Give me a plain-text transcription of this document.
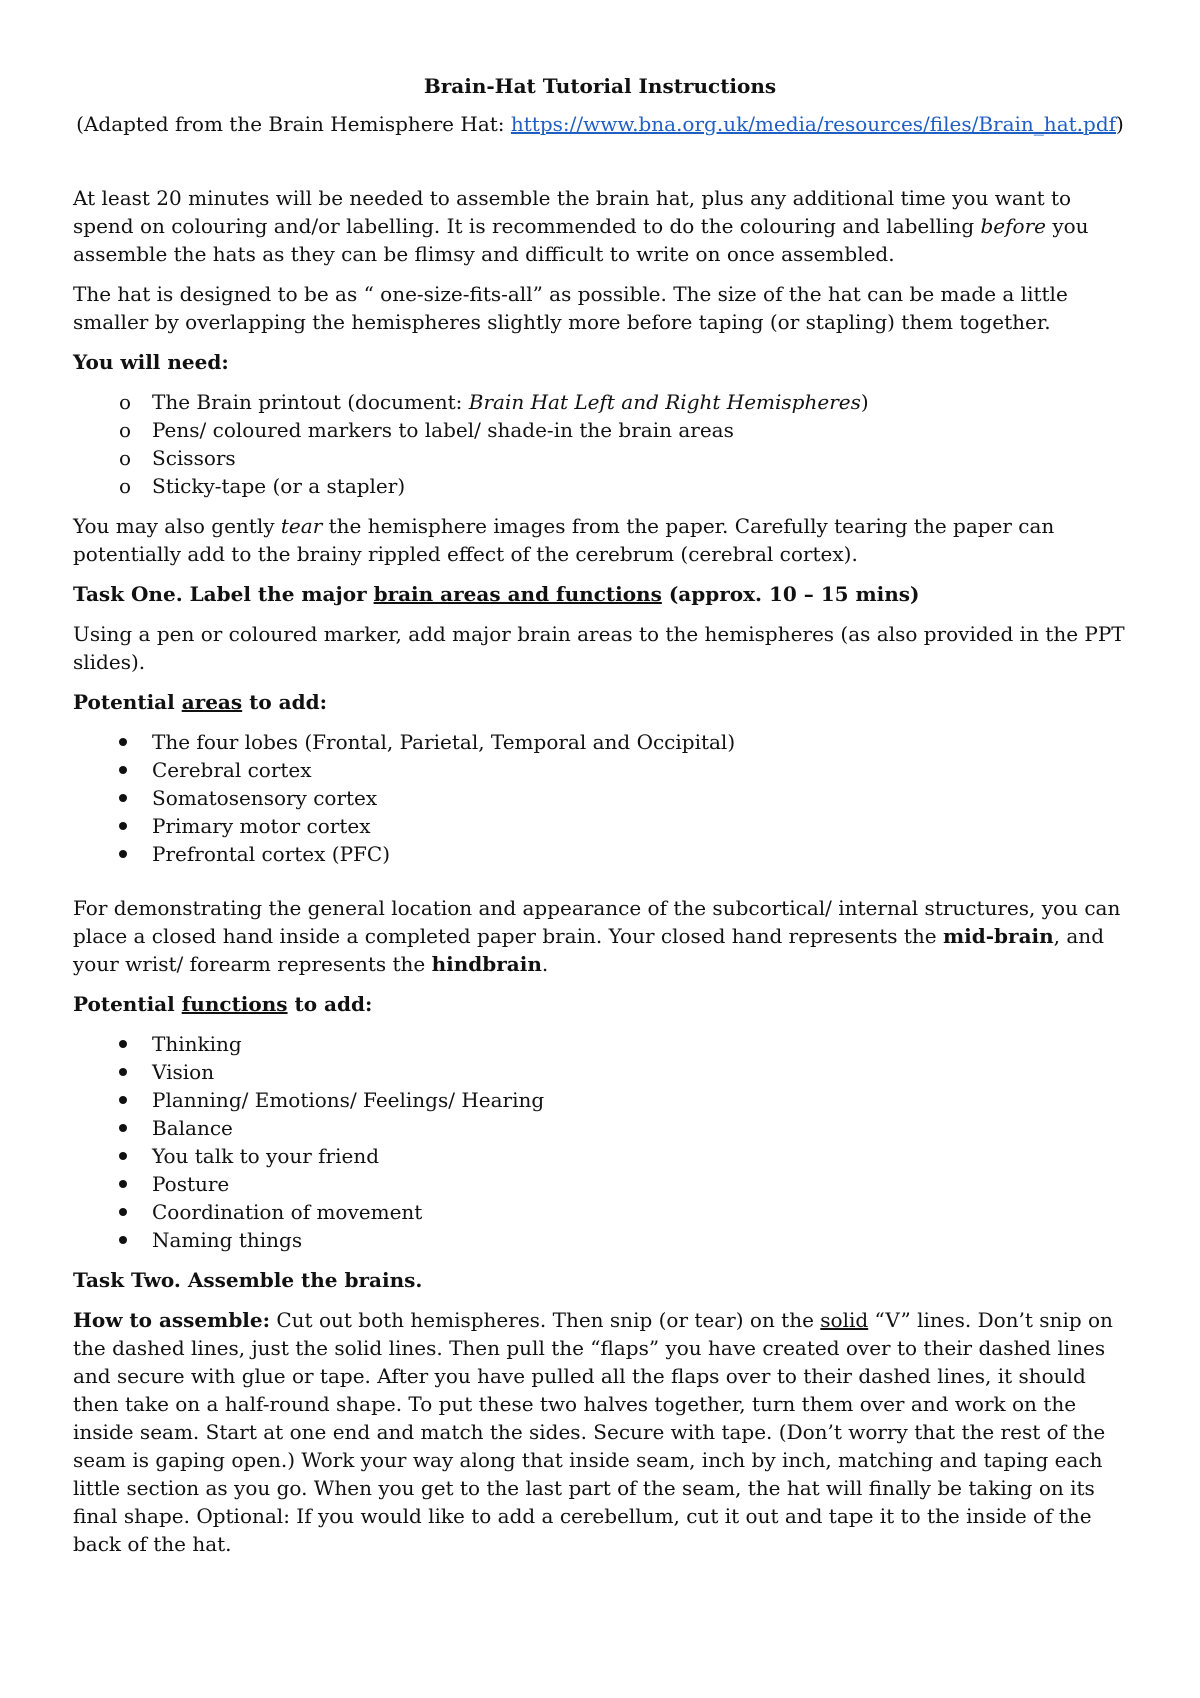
Brain-Hat Tutorial Instructions

(Adapted from the Brain Hemisphere Hat: https://www.bna.org.uk/media/resources/files/Brain_hat.pdf)

At least 20 minutes will be needed to assemble the brain hat, plus any additional time you want to spend on colouring and/or labelling. It is recommended to do the colouring and labelling before you assemble the hats as they can be flimsy and difficult to write on once assembled.

The hat is designed to be as “ one-size-fits-all” as possible. The size of the hat can be made a little smaller by overlapping the hemispheres slightly more before taping (or stapling) them together.

You will need:

o The Brain printout (document: Brain Hat Left and Right Hemispheres)
o Pens/ coloured markers to label/ shade-in the brain areas
o Scissors
o Sticky-tape (or a stapler)

You may also gently tear the hemisphere images from the paper. Carefully tearing the paper can potentially add to the brainy rippled effect of the cerebrum (cerebral cortex).

Task One. Label the major brain areas and functions (approx. 10 – 15 mins)

Using a pen or coloured marker, add major brain areas to the hemispheres (as also provided in the PPT slides).

Potential areas to add:

The four lobes (Frontal, Parietal, Temporal and Occipital)
Cerebral cortex
Somatosensory cortex
Primary motor cortex
Prefrontal cortex (PFC)

For demonstrating the general location and appearance of the subcortical/ internal structures, you can place a closed hand inside a completed paper brain. Your closed hand represents the mid-brain, and your wrist/ forearm represents the hindbrain.

Potential functions to add:

Thinking
Vision
Planning/ Emotions/ Feelings/ Hearing
Balance
You talk to your friend
Posture
Coordination of movement
Naming things

Task Two. Assemble the brains.

How to assemble: Cut out both hemispheres. Then snip (or tear) on the solid “V” lines. Don’t snip on the dashed lines, just the solid lines. Then pull the “flaps” you have created over to their dashed lines and secure with glue or tape. After you have pulled all the flaps over to their dashed lines, it should then take on a half-round shape. To put these two halves together, turn them over and work on the inside seam. Start at one end and match the sides. Secure with tape. (Don’t worry that the rest of the seam is gaping open.) Work your way along that inside seam, inch by inch, matching and taping each little section as you go. When you get to the last part of the seam, the hat will finally be taking on its final shape. Optional: If you would like to add a cerebellum, cut it out and tape it to the inside of the back of the hat.
